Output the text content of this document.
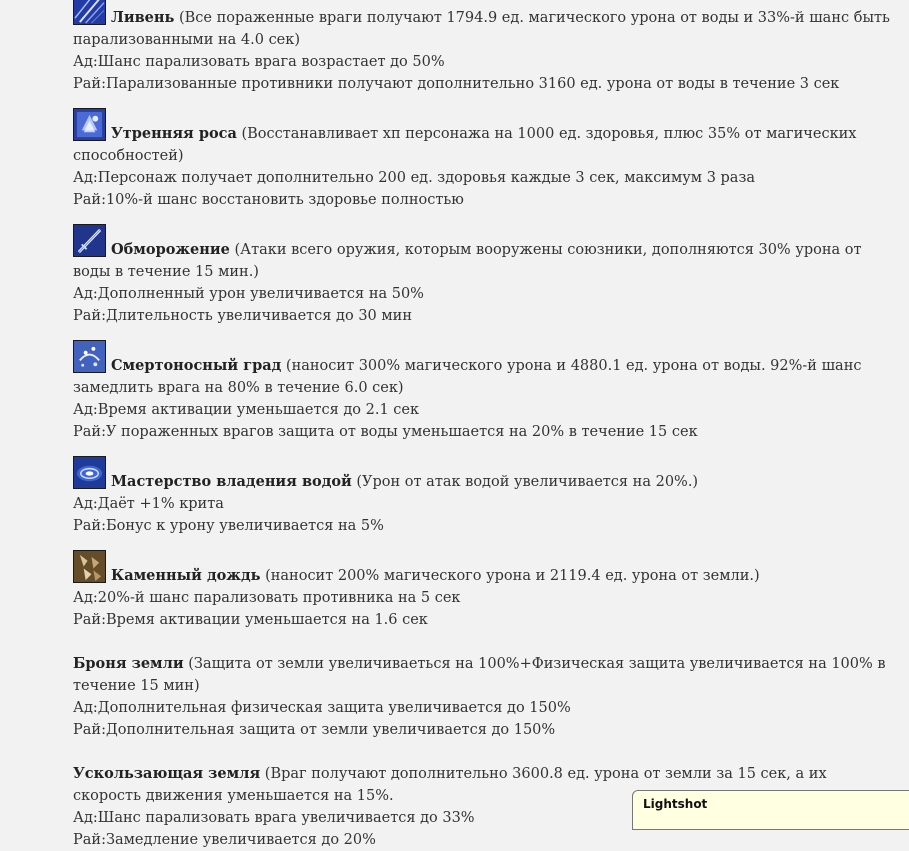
Ливень (Все пораженные враги получают 1794.9 ед. магического урона от воды и 33%-й шанс быть парализованными на 4.0 сек)

Ад:Шанс парализовать врага возрастает до 50%

Рай:Парализованные противники получают дополнительно 3160 ед. урона от воды в течение 3 сек

Утренняя роса (Восстанавливает хп персонажа на 1000 ед. здоровья, плюс 35% от магических способностей)

Ад:Персонаж получает дополнительно 200 ед. здоровья каждые 3 сек, максимум 3 раза

Рай:10%-й шанс восстановить здоровье полностью

Обморожение (Атаки всего оружия, которым вооружены союзники, дополняются 30% урона от воды в течение 15 мин.)

Ад:Дополненный урон увеличивается на 50%

Рай:Длительность увеличивается до 30 мин

Смертоносный град (наносит 300% магического урона и 4880.1 ед. урона от воды. 92%-й шанс замедлить врага на 80% в течение 6.0 сек)

Ад:Время активации уменьшается до 2.1 сек

Рай:У пораженных врагов защита от воды уменьшается на 20% в течение 15 сек

Мастерство владения водой (Урон от атак водой увеличивается на 20%.)

Ад:Даёт +1% крита

Рай:Бонус к урону увеличивается на 5%

Каменный дождь (наносит 200% магического урона и 2119.4 ед. урона от земли.)

Ад:20%-й шанс парализовать противника на 5 сек

Рай:Время активации уменьшается на 1.6 сек

Броня земли (Защита от земли увеличиваеться на 100%+Физическая защита увеличивается на 100% в течение 15 мин)

Ад:Дополнительная физическая защита увеличивается до 150%

Рай:Дополнительная защита от земли увеличивается до 150%

Ускользающая земля (Враг получают дополнительно 3600.8 ед. урона от земли за 15 сек, а их скорость движения уменьшается на 15%.

Ад:Шанс парализовать врага увеличивается до 33%

Рай:Замедление увеличивается до 20%

Lightshot
